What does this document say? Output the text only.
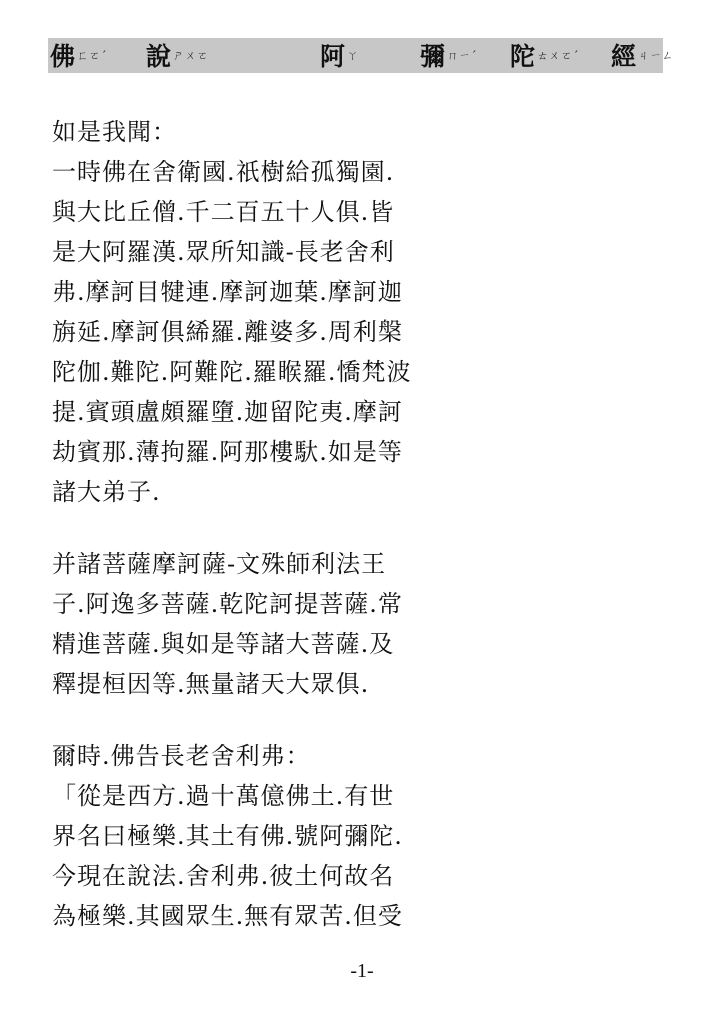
佛 $^{ㄈㄛˊ}$ 說 $^{ㄕㄨㄛ}$	阿 $^ㄚ$ 彌 $^{ㄇㄧˊ}$ 陀 $^{ㄊㄨㄛˊ}$ 經 $^{ㄐㄧㄥ}$
如是我聞：
一時佛在舍衛國.祇樹給孤獨園.
與大比丘僧.千二百五十人俱.皆
是大阿羅漢.眾所知識-長老舍利
弗.摩訶目犍連.摩訶迦葉.摩訶迦
旃延.摩訶俱絺羅.離婆多.周利槃
陀伽.難陀.阿難陀.羅睺羅.憍梵波
提.賓頭盧頗羅墮.迦留陀夷.摩訶
劫賓那.薄拘羅.阿那樓馱.如是等
諸大弟子.
并諸菩薩摩訶薩-文殊師利法王
子.阿逸多菩薩.乾陀訶提菩薩.常
精進菩薩.與如是等諸大菩薩.及
釋提桓因等.無量諸天大眾俱.
爾時.佛告長老舍利弗：
「從是西方.過十萬億佛土.有世
界名曰極樂.其土有佛.號阿彌陀.
今現在說法.舍利弗.彼土何故名
為極樂.其國眾生.無有眾苦.但受
-1-
